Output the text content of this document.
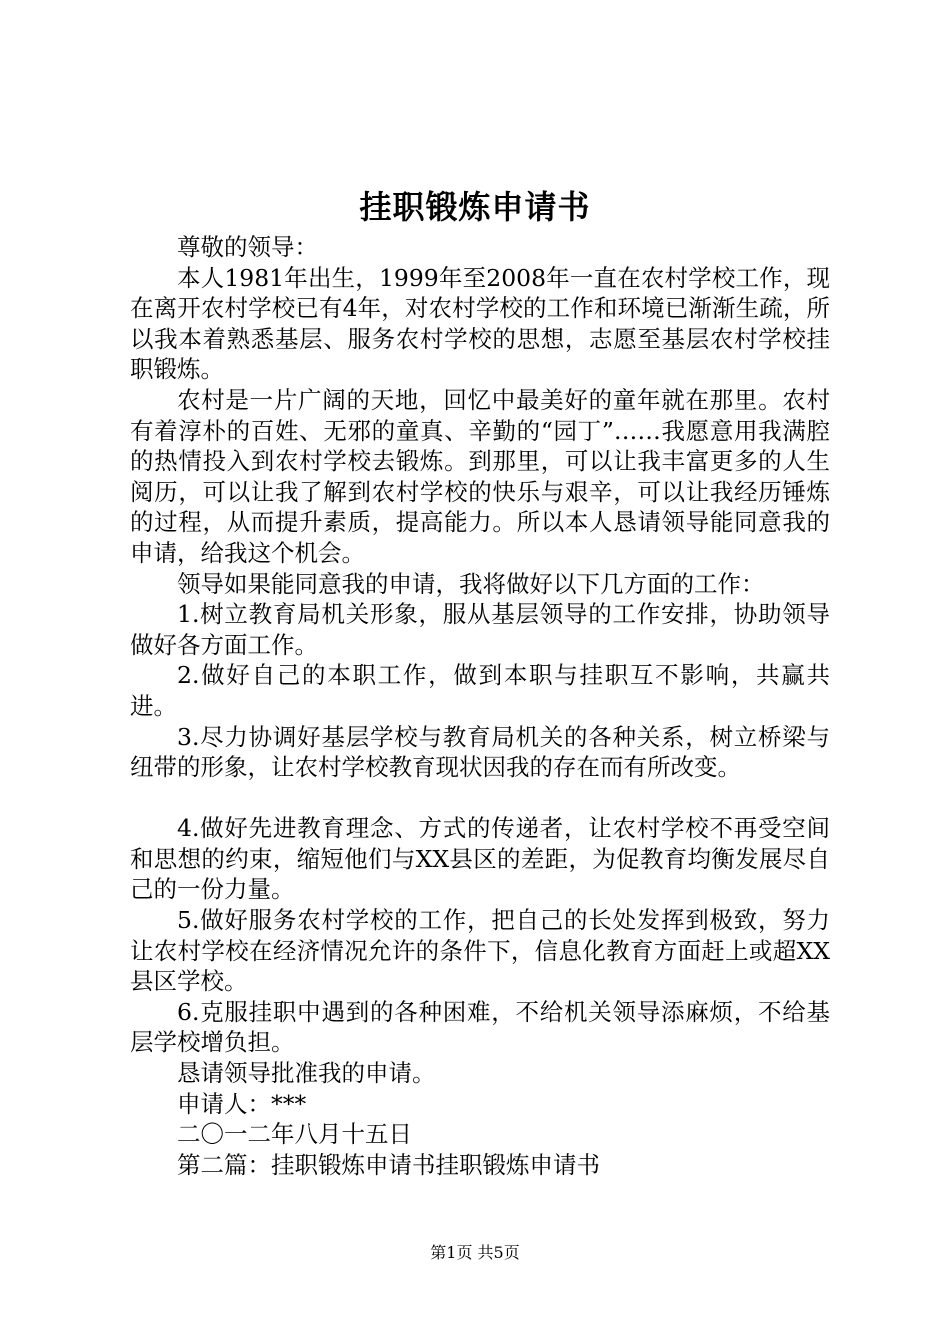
挂职锻炼申请书

尊敬的领导：

本人1981年出生，1999年至2008年一直在农村学校工作，现在离开农村学校已有4年，对农村学校的工作和环境已渐渐生疏，所以我本着熟悉基层、服务农村学校的思想，志愿至基层农村学校挂职锻炼。

农村是一片广阔的天地，回忆中最美好的童年就在那里。农村有着淳朴的百姓、无邪的童真、辛勤的“园丁”……我愿意用我满腔的热情投入到农村学校去锻炼。到那里，可以让我丰富更多的人生阅历，可以让我了解到农村学校的快乐与艰辛，可以让我经历锤炼的过程，从而提升素质，提高能力。所以本人恳请领导能同意我的申请，给我这个机会。

领导如果能同意我的申请，我将做好以下几方面的工作：

1.树立教育局机关形象，服从基层领导的工作安排，协助领导做好各方面工作。

2.做好自己的本职工作，做到本职与挂职互不影响，共赢共进。

3.尽力协调好基层学校与教育局机关的各种关系，树立桥梁与纽带的形象，让农村学校教育现状因我的存在而有所改变。

4.做好先进教育理念、方式的传递者，让农村学校不再受空间和思想的约束，缩短他们与XX县区的差距，为促教育均衡发展尽自己的一份力量。

5.做好服务农村学校的工作，把自己的长处发挥到极致，努力让农村学校在经济情况允许的条件下，信息化教育方面赶上或超XX县区学校。

6.克服挂职中遇到的各种困难，不给机关领导添麻烦，不给基层学校增负担。

恳请领导批准我的申请。

申请人：***

二〇一二年八月十五日

第二篇：挂职锻炼申请书挂职锻炼申请书

第1页 共5页
